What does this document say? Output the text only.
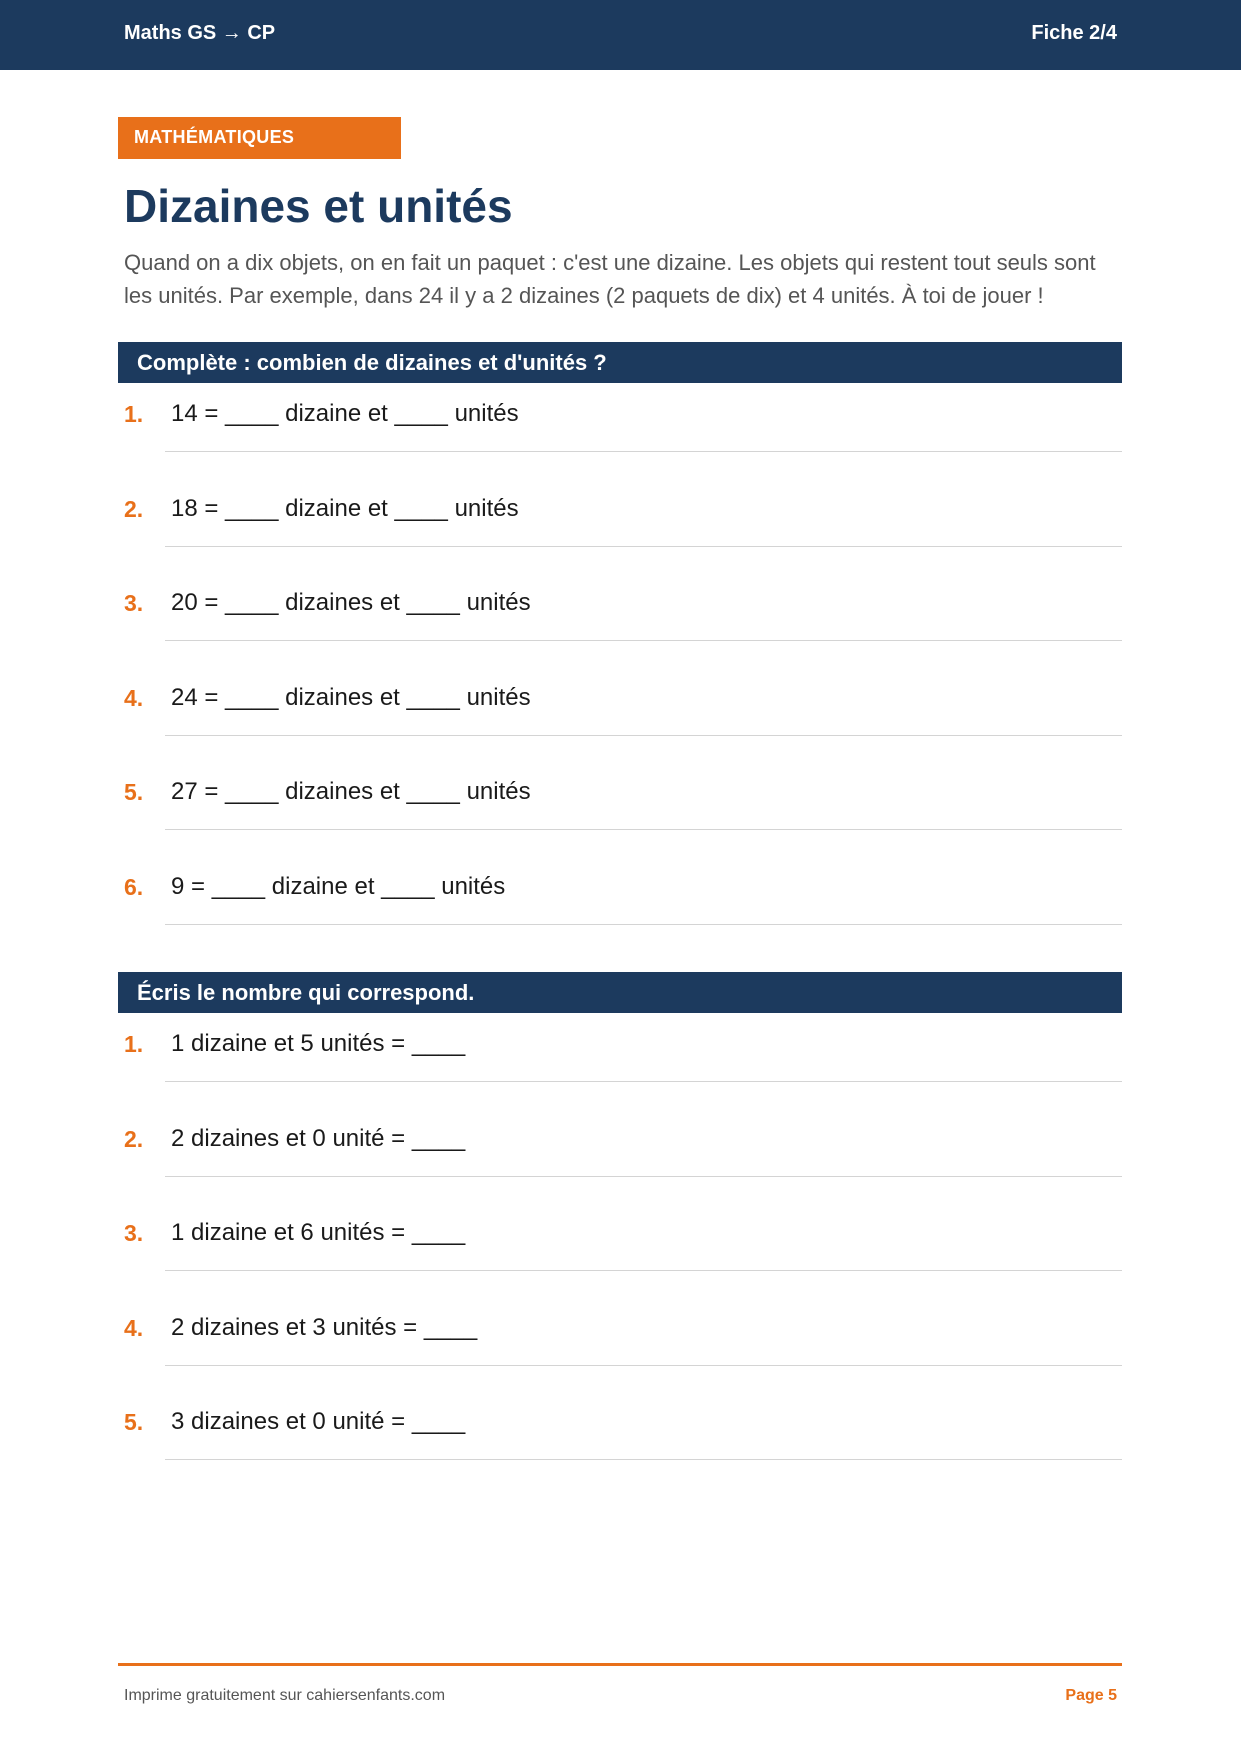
Maths GS → CP	Fiche 2/4
MATHÉMATIQUES
Dizaines et unités

Quand on a dix objets, on en fait un paquet : c'est une dizaine. Les objets qui restent tout seuls sont les unités. Par exemple, dans 24 il y a 2 dizaines (2 paquets de dix) et 4 unités. À toi de jouer !

Complète : combien de dizaines et d'unités ?
1. 14 = ____ dizaine et ____ unités
2. 18 = ____ dizaine et ____ unités
3. 20 = ____ dizaines et ____ unités
4. 24 = ____ dizaines et ____ unités
5. 27 = ____ dizaines et ____ unités
6. 9 = ____ dizaine et ____ unités
Écris le nombre qui correspond.
1. 1 dizaine et 5 unités = ____
2. 2 dizaines et 0 unité = ____
3. 1 dizaine et 6 unités = ____
4. 2 dizaines et 3 unités = ____
5. 3 dizaines et 0 unité = ____
Imprime gratuitement sur cahiersenfants.com	Page 5
